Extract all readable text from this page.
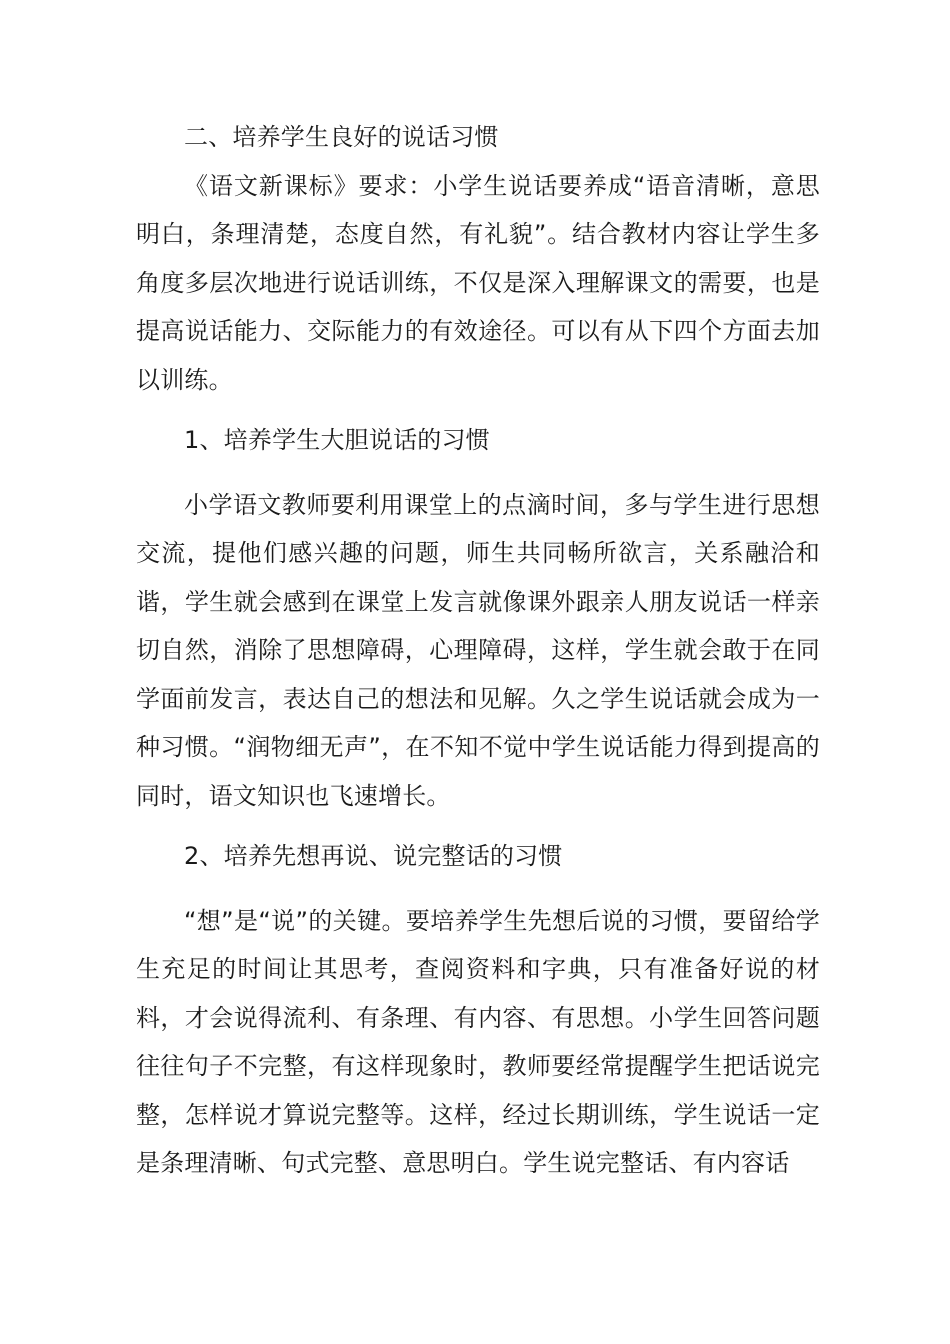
二、培养学生良好的说话习惯

《语文新课标》要求：小学生说话要养成“语音清晰，意思明白，条理清楚，态度自然，有礼貌”。结合教材内容让学生多角度多层次地进行说话训练，不仅是深入理解课文的需要，也是提高说话能力、交际能力的有效途径。可以有从下四个方面去加以训练。

1、培养学生大胆说话的习惯

小学语文教师要利用课堂上的点滴时间，多与学生进行思想交流，提他们感兴趣的问题，师生共同畅所欲言，关系融洽和谐，学生就会感到在课堂上发言就像课外跟亲人朋友说话一样亲切自然，消除了思想障碍，心理障碍，这样，学生就会敢于在同学面前发言，表达自己的想法和见解。久之学生说话就会成为一种习惯。“润物细无声”，在不知不觉中学生说话能力得到提高的同时，语文知识也飞速增长。

2、培养先想再说、说完整话的习惯

“想”是“说”的关键。要培养学生先想后说的习惯，要留给学生充足的时间让其思考，查阅资料和字典，只有准备好说的材料，才会说得流利、有条理、有内容、有思想。小学生回答问题往往句子不完整，有这样现象时，教师要经常提醒学生把话说完整，怎样说才算说完整等。这样，经过长期训练，学生说话一定是条理清晰、句式完整、意思明白。学生说完整话、有内容话
